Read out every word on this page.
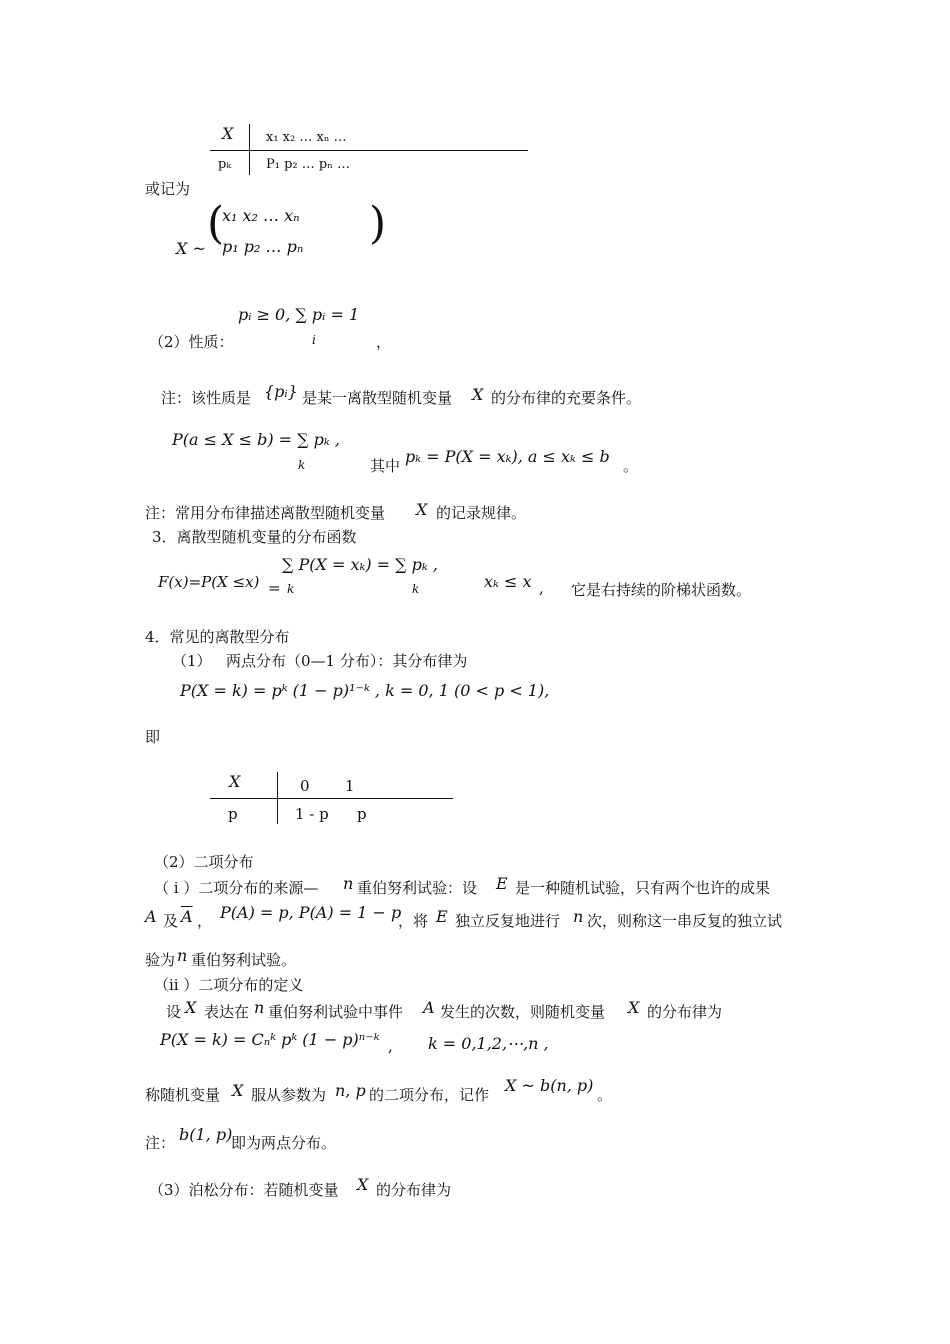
X	x₁ x₂ … xₙ …
pₖ	P₁ p₂ … pₙ …
或记为
X ~ (
x₁ x₂ … xₙ
p₁ p₂ … pₙ )
pᵢ ≥ 0, ∑ pᵢ = 1
i
（2）性质：	，
注：该性质是 {pᵢ} 是某一离散型随机变量 X 的分布律的充要条件。
P(a ≤ X ≤ b) = ∑ pₖ ,
k	其中 pₖ = P(X = xₖ), a ≤ xₖ ≤ b 。
注：常用分布律描述离散型随机变量 X 的记录规律。
3．离散型随机变量的分布函数
F(x)=P(X ≤x) =
∑ P(X = xₖ) = ∑ pₖ ,
k	k	xₖ ≤ x , 它是右持续的阶梯状函数。
4．常见的离散型分布
（1） 两点分布（0—1 分布）：其分布律为
P(X = k) = pᵏ (1 − p)¹⁻ᵏ , k = 0, 1 (0 < p < 1),
即
X	0 1
p	1 - p p
（2）二项分布
（ i ）二项分布的来源— n 重伯努利试验：设 E 是一种随机试验，只有两个也许的成果
A 及 $\overline{A}$ ， P(A) = p, P(A) = 1 − p
，将 E 独立反复地进行 n 次，则称这一串反复的独立试
验为 n 重伯努利试验。
（ii ）二项分布的定义
设 X 表达在 n 重伯努利试验中事件 A 发生的次数，则随机变量 X 的分布律为
P(X = k) = Cₙᵏ pᵏ (1 − p)ⁿ⁻ᵏ , k = 0,1,2,⋯,n ,
称随机变量 X 服从参数为 n, p 的二项分布，记作 X ~ b(n, p) 。
注： b(1, p)
即为两点分布。
（3）泊松分布：若随机变量 X 的分布律为
